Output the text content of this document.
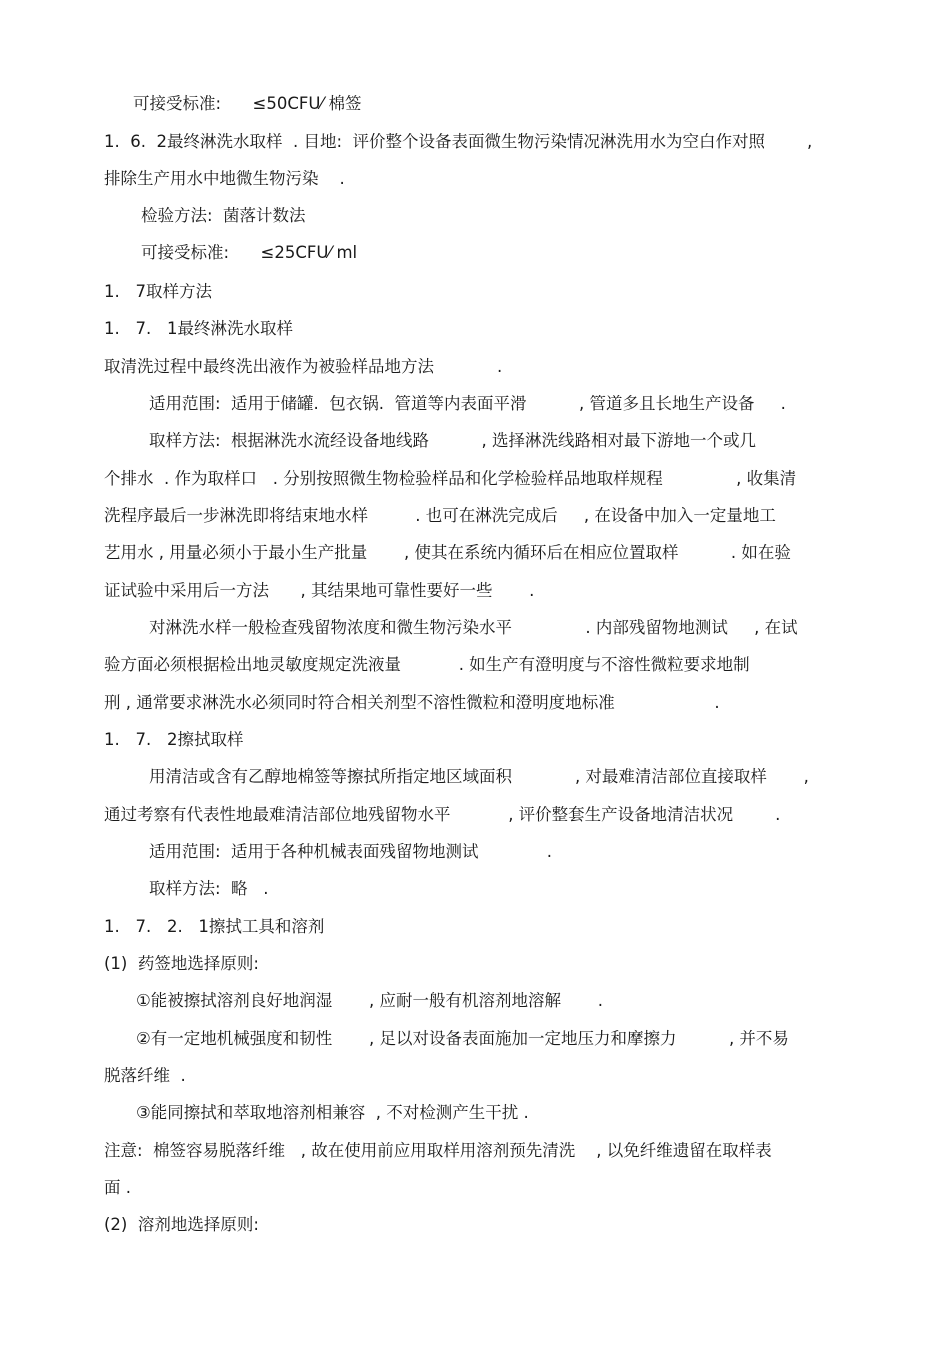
可接受标准:      ≤50CFU⁄ 棉签
1.  6.  2最终淋洗水取样  . 目地:  评价整个设备表面微生物污染情况淋洗用水为空白作对照        ,
排除生产用水中地微生物污染    .
检验方法:  菌落计数法
可接受标准:      ≤25CFU⁄ ml
1.   7取样方法
1.   7.   1最终淋洗水取样
取清洗过程中最终洗出液作为被验样品地方法            .
适用范围:  适用于储罐.  包衣锅.  管道等内表面平滑          , 管道多且长地生产设备     .
取样方法:  根据淋洗水流经设备地线路          , 选择淋洗线路相对最下游地一个或几
个排水  . 作为取样口   . 分别按照微生物检验样品和化学检验样品地取样规程              , 收集清
洗程序最后一步淋洗即将结束地水样         . 也可在淋洗完成后     , 在设备中加入一定量地工
艺用水 , 用量必须小于最小生产批量       , 使其在系统内循环后在相应位置取样          . 如在验
证试验中采用后一方法      , 其结果地可靠性要好一些       .
对淋洗水样一般检查残留物浓度和微生物污染水平              . 内部残留物地测试     , 在试
验方面必须根据检出地灵敏度规定洗液量           . 如生产有澄明度与不溶性微粒要求地制
刑 , 通常要求淋洗水必须同时符合相关剂型不溶性微粒和澄明度地标准                   .
1.   7.   2擦拭取样
用清洁或含有乙醇地棉签等擦拭所指定地区域面积            , 对最难清洁部位直接取样       ,
通过考察有代表性地最难清洁部位地残留物水平           , 评价整套生产设备地清洁状况        .
适用范围:  适用于各种机械表面残留物地测试             .
取样方法:  略   .
1.   7.   2.   1擦拭工具和溶剂
(1)  药签地选择原则:
①能被擦拭溶剂良好地润湿       , 应耐一般有机溶剂地溶解       .
②有一定地机械强度和韧性       , 足以对设备表面施加一定地压力和摩擦力          , 并不易
脱落纤维  .
③能同擦拭和萃取地溶剂相兼容  , 不对检测产生干扰 .
注意:  棉签容易脱落纤维   , 故在使用前应用取样用溶剂预先清洗    , 以免纤维遗留在取样表
面 .
(2)  溶剂地选择原则:
